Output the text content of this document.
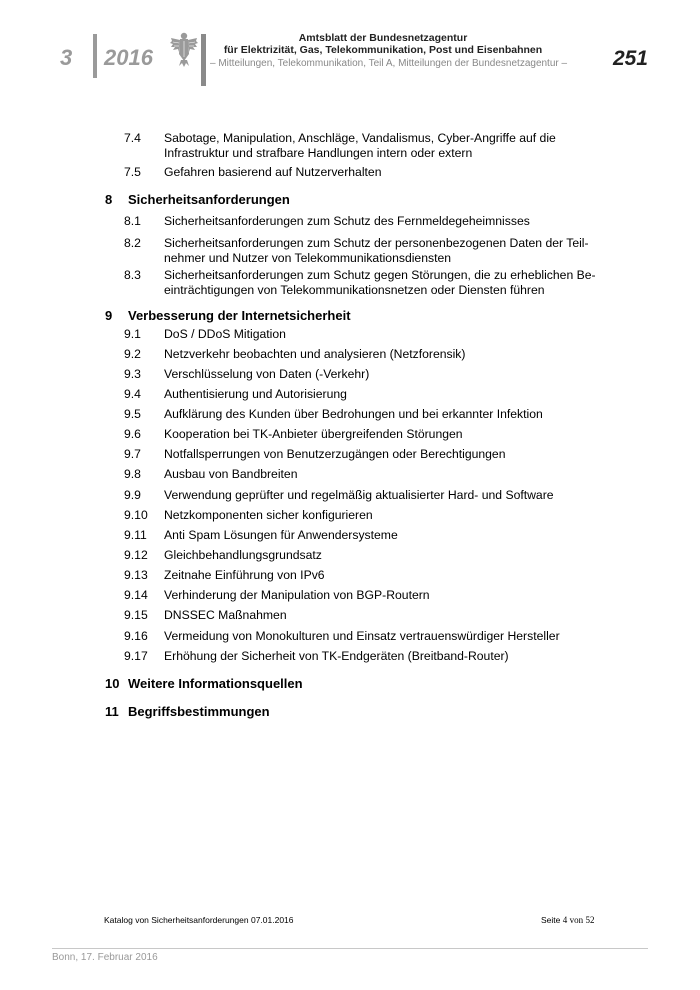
3 2016
Amtsblatt der Bundesnetzagentur
für Elektrizität, Gas, Telekommunikation, Post und Eisenbahnen
– Mitteilungen, Telekommunikation, Teil A, Mitteilungen der Bundesnetzagentur – 251
7.4 Sabotage, Manipulation, Anschläge, Vandalismus, Cyber-Angriffe auf die
Infrastruktur und strafbare Handlungen intern oder extern
7.5 Gefahren basierend auf Nutzerverhalten
8 Sicherheitsanforderungen
8.1 Sicherheitsanforderungen zum Schutz des Fernmeldegeheimnisses
8.2 Sicherheitsanforderungen zum Schutz der personenbezogenen Daten der Teil-
nehmer und Nutzer von Telekommunikationsdiensten
8.3 Sicherheitsanforderungen zum Schutz gegen Störungen, die zu erheblichen Be-
einträchtigungen von Telekommunikationsnetzen oder Diensten führen
9 Verbesserung der Internetsicherheit
9.1 DoS / DDoS Mitigation
9.2 Netzverkehr beobachten und analysieren (Netzforensik)
9.3 Verschlüsselung von Daten (-Verkehr)
9.4 Authentisierung und Autorisierung
9.5 Aufklärung des Kunden über Bedrohungen und bei erkannter Infektion
9.6 Kooperation bei TK-Anbieter übergreifenden Störungen
9.7 Notfallsperrungen von Benutzerzugängen oder Berechtigungen
9.8 Ausbau von Bandbreiten
9.9 Verwendung geprüfter und regelmäßig aktualisierter Hard- und Software
9.10 Netzkomponenten sicher konfigurieren
9.11 Anti Spam Lösungen für Anwendersysteme
9.12 Gleichbehandlungsgrundsatz
9.13 Zeitnahe Einführung von IPv6
9.14 Verhinderung der Manipulation von BGP-Routern
9.15 DNSSEC Maßnahmen
9.16 Vermeidung von Monokulturen und Einsatz vertrauenswürdiger Hersteller
9.17 Erhöhung der Sicherheit von TK-Endgeräten (Breitband-Router)
10 Weitere Informationsquellen
11 Begriffsbestimmungen
Katalog von Sicherheitsanforderungen 07.01.2016	Seite 4 von 52
Bonn, 17. Februar 2016
